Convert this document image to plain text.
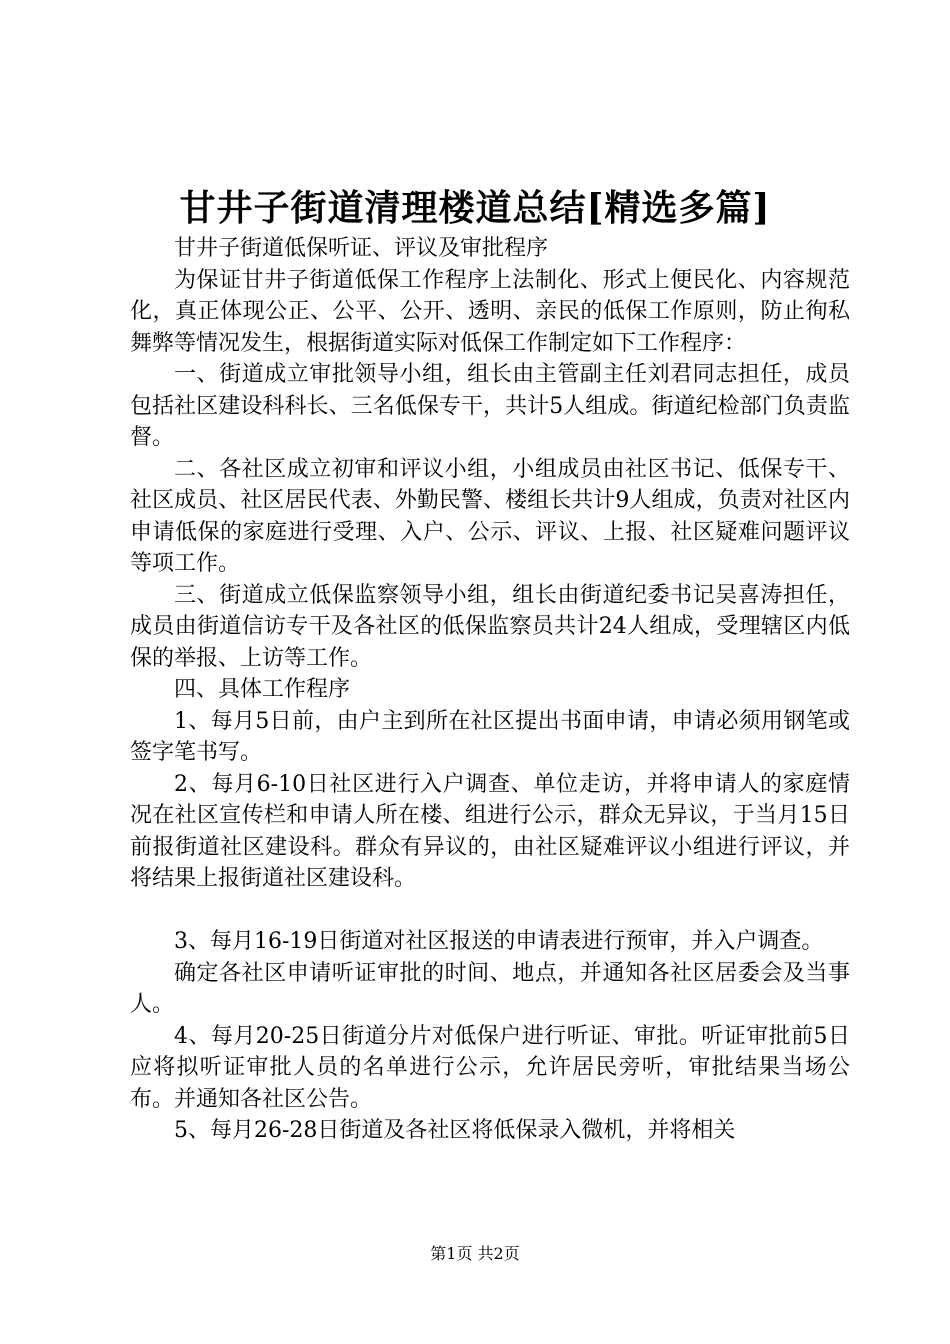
甘井子街道清理楼道总结[精选多篇]

甘井子街道低保听证、评议及审批程序

为保证甘井子街道低保工作程序上法制化、形式上便民化、内容规范化，真正体现公正、公平、公开、透明、亲民的低保工作原则，防止徇私舞弊等情况发生，根据街道实际对低保工作制定如下工作程序：

一、街道成立审批领导小组，组长由主管副主任刘君同志担任，成员包括社区建设科科长、三名低保专干，共计5人组成。街道纪检部门负责监督。

二、各社区成立初审和评议小组，小组成员由社区书记、低保专干、社区成员、社区居民代表、外勤民警、楼组长共计9人组成，负责对社区内申请低保的家庭进行受理、入户、公示、评议、上报、社区疑难问题评议等项工作。

三、街道成立低保监察领导小组，组长由街道纪委书记吴喜涛担任，成员由街道信访专干及各社区的低保监察员共计24人组成，受理辖区内低保的举报、上访等工作。

四、具体工作程序

1、每月5日前，由户主到所在社区提出书面申请，申请必须用钢笔或签字笔书写。

2、每月6-10日社区进行入户调查、单位走访，并将申请人的家庭情况在社区宣传栏和申请人所在楼、组进行公示，群众无异议，于当月15日前报街道社区建设科。群众有异议的，由社区疑难评议小组进行评议，并将结果上报街道社区建设科。

3、每月16-19日街道对社区报送的申请表进行预审，并入户调查。

确定各社区申请听证审批的时间、地点，并通知各社区居委会及当事人。

4、每月20-25日街道分片对低保户进行听证、审批。听证审批前5日应将拟听证审批人员的名单进行公示，允许居民旁听，审批结果当场公布。并通知各社区公告。

5、每月26-28日街道及各社区将低保录入微机，并将相关

第1页 共2页
